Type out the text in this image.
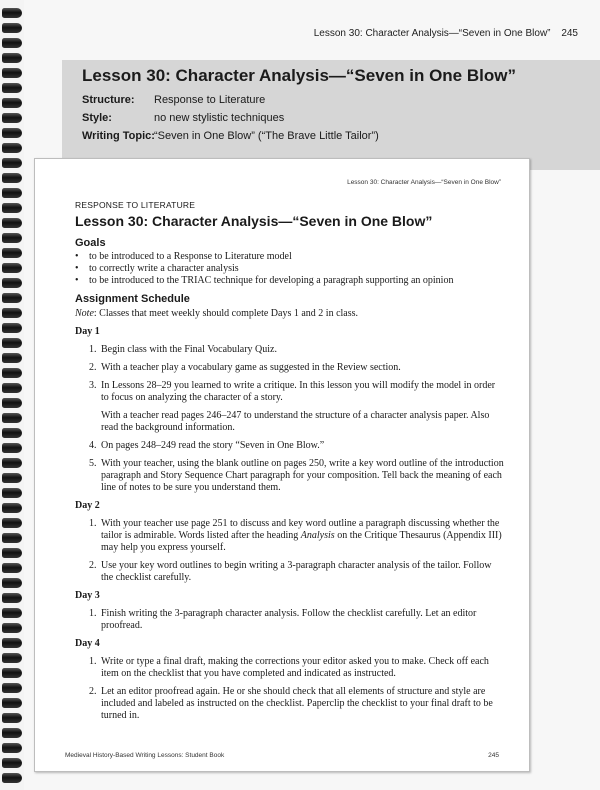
Lesson 30: Character Analysis—“Seven in One Blow” 245
Lesson 30: Character Analysis—“Seven in One Blow”
Structure:	Response to Literature
Style:	no new stylistic techniques
Writing Topic: “Seven in One Blow” (“The Brave Little Tailor”)
Lesson 30: Character Analysis—“Seven in One Blow”
RESPONSE TO LITERATURE
Lesson 30: Character Analysis—“Seven in One Blow”
Goals
• to be introduced to a Response to Literature model
• to correctly write a character analysis
• to be introduced to the TRIAC technique for developing a paragraph supporting an opinion
Assignment Schedule
Note: Classes that meet weekly should complete Days 1 and 2 in class.
Day 1
1. Begin class with the Final Vocabulary Quiz.
2. With a teacher play a vocabulary game as suggested in the Review section.
3. In Lessons 28–29 you learned to write a critique. In this lesson you will modify the model in order to focus on analyzing the character of a story.
With a teacher read pages 246–247 to understand the structure of a character analysis paper. Also read the background information.
4. On pages 248–249 read the story “Seven in One Blow.”
5. With your teacher, using the blank outline on pages 250, write a key word outline of the introduction paragraph and Story Sequence Chart paragraph for your composition. Tell back the meaning of each line of notes to be sure you understand them.
Day 2
1. With your teacher use page 251 to discuss and key word outline a paragraph discussing whether the tailor is admirable. Words listed after the heading Analysis on the Critique Thesaurus (Appendix III) may help you express yourself.
2. Use your key word outlines to begin writing a 3-paragraph character analysis of the tailor. Follow the checklist carefully.
Day 3
1. Finish writing the 3-paragraph character analysis. Follow the checklist carefully. Let an editor proofread.
Day 4
1. Write or type a final draft, making the corrections your editor asked you to make. Check off each item on the checklist that you have completed and indicated as instructed.
2. Let an editor proofread again. He or she should check that all elements of structure and style are included and labeled as instructed on the checklist. Paperclip the checklist to your final draft to be turned in.
Medieval History-Based Writing Lessons: Student Book	245
